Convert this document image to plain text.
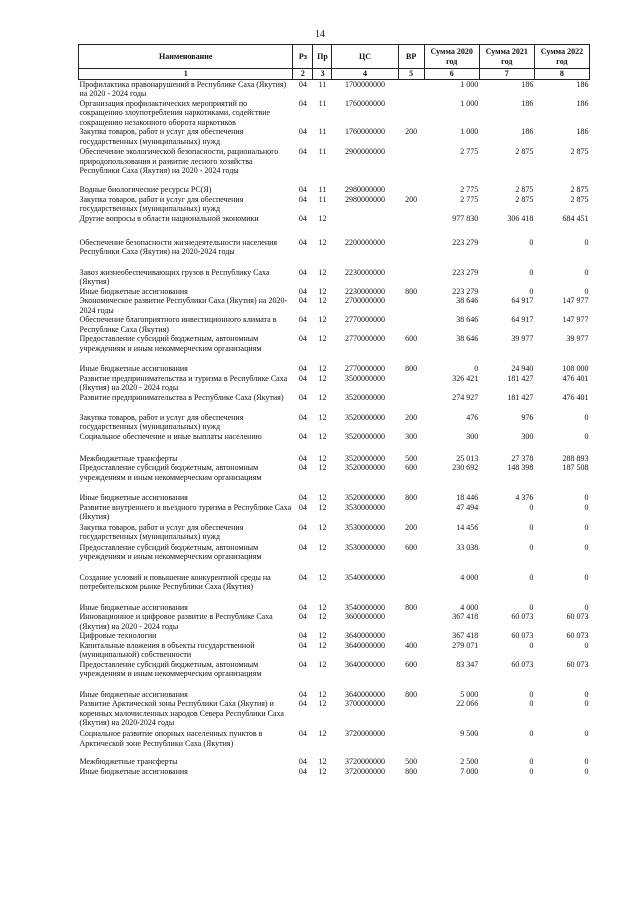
14
Наименование	Рз	Пр	ЦС	ВР	Сумма 2020 год	Сумма 2021 год	Сумма 2022 год
1	2	3	4	5	6	7	8
Профилактика правонарушений в Республике Саха (Якутия) на 2020 - 2024 годы	04	11	1700000000		1 000	186	186
Организация профилактических мероприятий по сокращению злоупотребления наркотиками, содействие сокращению незаконного оборота наркотиков	04	11	1760000000		1 000	186	186
Закупка товаров, работ и услуг для обеспечения государственных (муниципальных) нужд	04	11	1760000000	200	1 000	186	186
Обеспечение экологической безопасности, рационального природопользования и развитие лесного хозяйства Республики Саха (Якутия) на 2020 - 2024 годы	04	11	2900000000		2 775	2 875	2 875
Водные биологические ресурсы РС(Я)	04	11	2980000000		2 775	2 875	2 875
Закупка товаров, работ и услуг для обеспечения государственных (муниципальных) нужд	04	11	2980000000	200	2 775	2 875	2 875
Другие вопросы в области национальной экономики	04	12			977 830	306 418	684 451
Обеспечение безопасности жизнедеятельности населения Республики Саха (Якутия) на 2020-2024 годы	04	12	2200000000		223 279	0	0
Завоз жизнеобеспечивающих грузов в Республику Саха (Якутия)	04	12	2230000000		223 279	0	0
Иные бюджетные ассигнования	04	12	2230000000	800	223 279	0	0
Экономическое развитие Республики Саха (Якутия) на 2020-2024 годы	04	12	2700000000		38 646	64 917	147 977
Обеспечение благоприятного инвестиционного климата в Республике Саха (Якутия)	04	12	2770000000		38 646	64 917	147 977
Предоставление субсидий бюджетным, автономным учреждениям и иным некоммерческим организациям	04	12	2770000000	600	38 646	39 977	39 977
Иные бюджетные ассигнования	04	12	2770000000	800	0	24 940	108 000
Развитие предпринимательства и туризма в Республике Саха (Якутия) на 2020 - 2024 годы	04	12	3500000000		326 421	181 427	476 401
Развитие предпринимательства в Республике Саха (Якутия)	04	12	3520000000		274 927	181 427	476 401
Закупка товаров, работ и услуг для обеспечения государственных (муниципальных) нужд	04	12	3520000000	200	476	976	0
Социальное обеспечение и иные выплаты населению	04	12	3520000000	300	300	300	0
Межбюджетные трансферты	04	12	3520000000	500	25 013	27 378	288 893
Предоставление субсидий бюджетным, автономным учреждениям и иным некоммерческим организациям	04	12	3520000000	600	230 692	148 398	187 508
Иные бюджетные ассигнования	04	12	3520000000	800	18 446	4 376	0
Развитие внутреннего и въездного туризма в Республике Саха (Якутия)	04	12	3530000000		47 494	0	0
Закупка товаров, работ и услуг для обеспечения государственных (муниципальных) нужд	04	12	3530000000	200	14 456	0	0
Предоставление субсидий бюджетным, автономным учреждениям и иным некоммерческим организациям	04	12	3530000000	600	33 038	0	0
Создание условий и повышение конкурентной среды на потребительском рынке Республики Саха (Якутия)	04	12	3540000000		4 000	0	0
Иные бюджетные ассигнования	04	12	3540000000	800	4 000	0	0
Инновационное и цифровое развитие в Республике Саха (Якутия) на 2020 - 2024 годы	04	12	3600000000		367 418	60 073	60 073
Цифровые технологии	04	12	3640000000		367 418	60 073	60 073
Капитальные вложения в объекты государственной (муниципальной) собственности	04	12	3640000000	400	279 071	0	0
Предоставление субсидий бюджетным, автономным учреждениям и иным некоммерческим организациям	04	12	3640000000	600	83 347	60 073	60 073
Иные бюджетные ассигнования	04	12	3640000000	800	5 000	0	0
Развитие Арктической зоны Республики Саха (Якутия) и коренных малочисленных народов Севера Республики Саха (Якутия) на 2020-2024 годы	04	12	3700000000		22 066	0	0
Социальное развитие опорных населенных пунктов в Арктической зоне Республики Саха (Якутия)	04	12	3720000000		9 500	0	0
Межбюджетные трансферты	04	12	3720000000	500	2 500	0	0
Иные бюджетные ассигнования	04	12	3720000000	800	7 000	0	0
